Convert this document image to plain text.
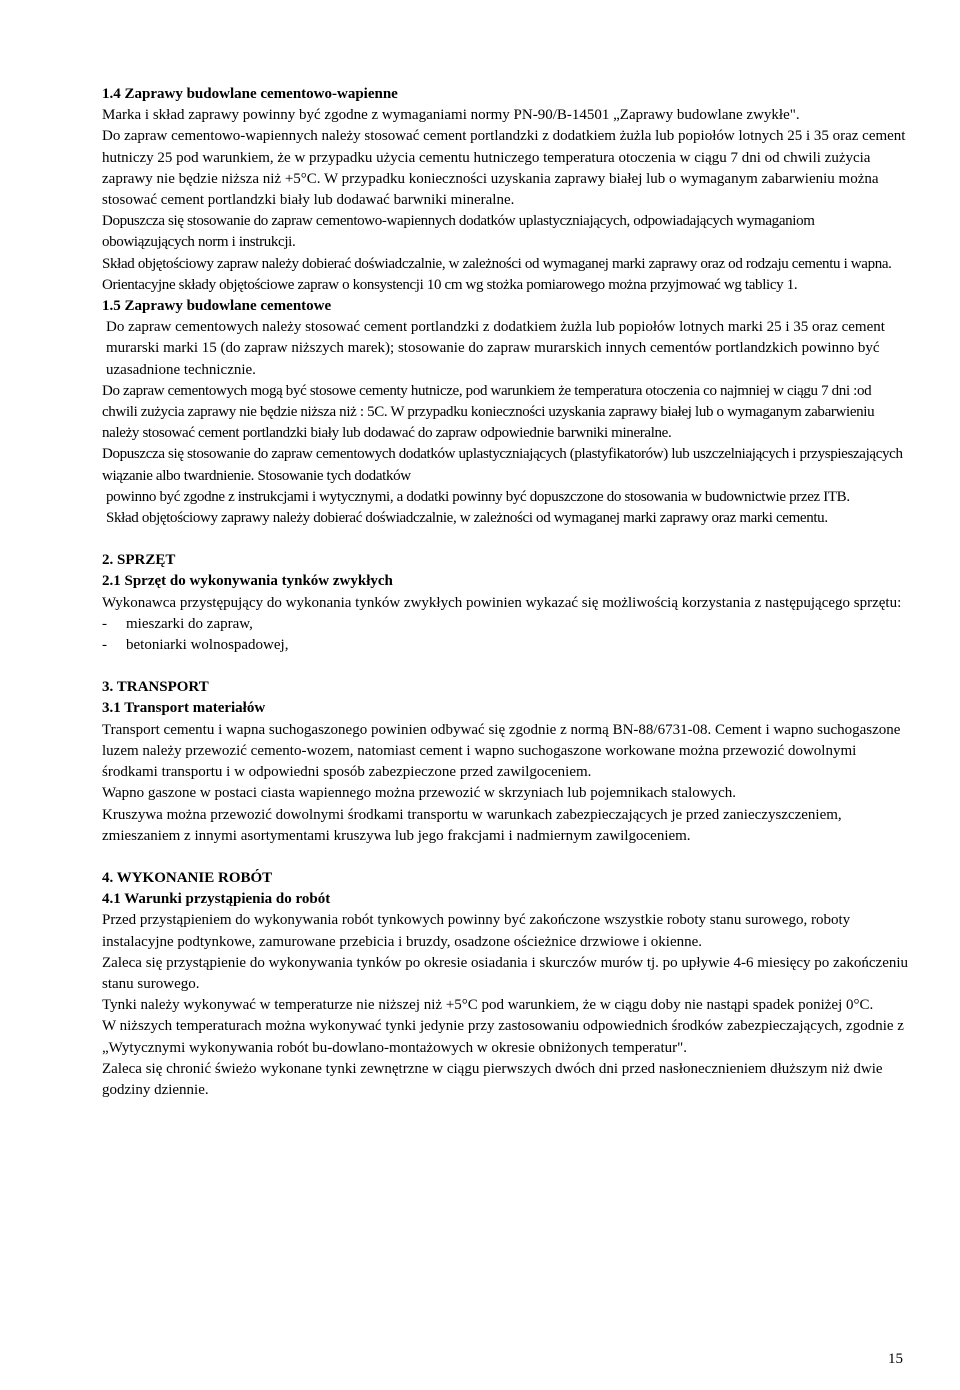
1.4 Zaprawy budowlane cementowo-wapienne

Marka i skład zaprawy powinny być zgodne z wymaganiami normy PN-90/B-14501 „Zaprawy budowlane zwykłe".

Do zapraw cementowo-wapiennych należy stosować cement portlandzki z dodatkiem żużla lub popiołów lotnych 25 i 35 oraz cement hutniczy 25 pod warunkiem, że w przypadku użycia cementu hutniczego temperatura otoczenia w ciągu 7 dni od chwili zużycia zaprawy nie będzie niższa niż +5°C. W przypadku konieczności uzyskania zaprawy białej lub o wymaganym zabarwieniu można stosować cement portlandzki biały lub dodawać barwniki mineralne.

Dopuszcza się stosowanie do zapraw cementowo-wapiennych dodatków uplastyczniających, odpowiadających wymaganiom obowiązujących norm i instrukcji.

Skład objętościowy zapraw należy dobierać doświadczalnie, w zależności od wymaganej marki zaprawy oraz od rodzaju cementu i wapna. Orientacyjne składy objętościowe zapraw o konsystencji 10 cm wg stożka pomiarowego można przyjmować wg tablicy 1.

1.5 Zaprawy budowlane cementowe

Do zapraw cementowych należy stosować cement portlandzki z dodatkiem żużla lub popiołów lotnych marki 25 i 35 oraz cement murarski marki 15 (do zapraw niższych marek); stosowanie do zapraw murarskich innych cementów portlandzkich powinno być uzasadnione technicznie.

Do zapraw cementowych mogą być stosowe cementy hutnicze, pod warunkiem że temperatura otoczenia co najmniej w ciągu 7 dni :od chwili zużycia zaprawy nie będzie niższa niż : 5C. W przypadku konieczności uzyskania zaprawy białej lub o wymaganym zabarwieniu należy stosować cement portlandzki biały lub dodawać do zapraw odpowiednie barwniki mineralne.

Dopuszcza się stosowanie do zapraw cementowych dodatków uplastyczniających (plastyfikatorów) lub uszczelniających i przyspieszających wiązanie albo twardnienie. Stosowanie tych dodatków

powinno być zgodne z instrukcjami i wytycznymi, a dodatki powinny być dopuszczone do stosowania w budownictwie przez ITB.

Skład objętościowy zaprawy należy dobierać doświadczalnie, w zależności od wymaganej marki zaprawy oraz marki cementu.

2. SPRZĘT
2.1 Sprzęt do wykonywania tynków zwykłych

Wykonawca przystępujący do wykonania tynków zwykłych powinien wykazać się możliwością korzystania z następującego sprzętu:

-	mieszarki do zapraw,
-	betoniarki wolnospadowej,
3. TRANSPORT
3.1 Transport materiałów

Transport cementu i wapna suchogaszonego powinien odbywać się zgodnie z normą BN-88/6731-08. Cement i wapno suchogaszone luzem należy przewozić cemento-wozem, natomiast cement i wapno suchogaszone workowane można przewozić dowolnymi środkami transportu i w odpowiedni sposób zabezpieczone przed zawilgoceniem.

Wapno gaszone w postaci ciasta wapiennego można przewozić w skrzyniach lub pojemnikach stalowych.

Kruszywa można przewozić dowolnymi środkami transportu w warunkach zabezpieczających je przed zanieczyszczeniem, zmieszaniem z innymi asortymentami kruszywa lub jego frakcjami i nadmiernym zawilgoceniem.

4. WYKONANIE ROBÓT
4.1 Warunki przystąpienia do robót

Przed przystąpieniem do wykonywania robót tynkowych powinny być zakończone wszystkie roboty stanu surowego, roboty instalacyjne podtynkowe, zamurowane przebicia i bruzdy, osadzone ościeżnice drzwiowe i okienne.

Zaleca się przystąpienie do wykonywania tynków po okresie osiadania i skurczów murów tj. po upływie 4-6 miesięcy po zakończeniu stanu surowego.

Tynki należy wykonywać w temperaturze nie niższej niż +5°C pod warunkiem, że w ciągu doby nie nastąpi spadek poniżej 0°C.

W niższych temperaturach można wykonywać tynki jedynie przy zastosowaniu odpowiednich środków zabezpieczających, zgodnie z „Wytycznymi wykonywania robót bu-dowlano-montażowych w okresie obniżonych temperatur".

Zaleca się chronić świeżo wykonane tynki zewnętrzne w ciągu pierwszych dwóch dni przed nasłonecznieniem dłuższym niż dwie godziny dziennie.

15
